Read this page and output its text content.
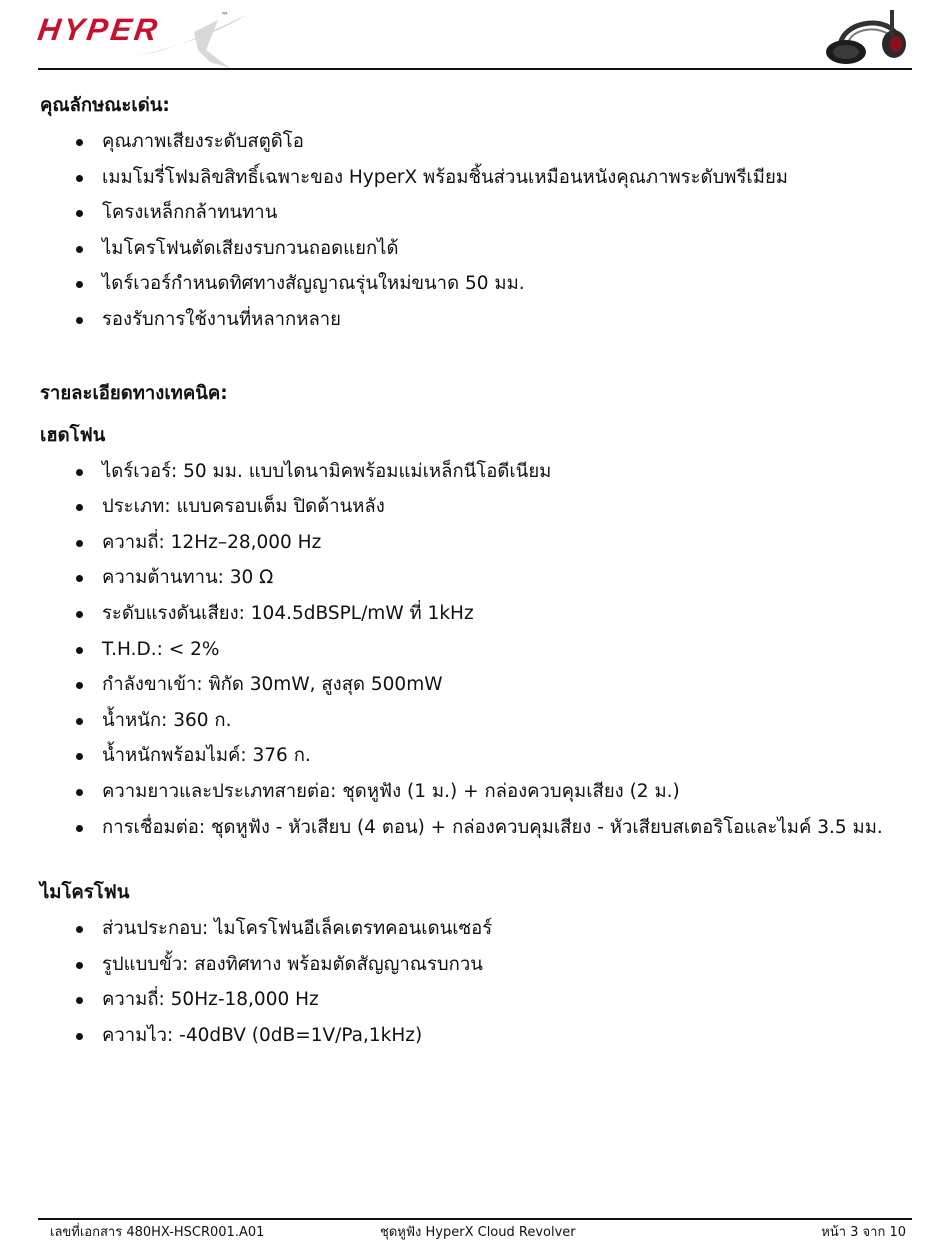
HYPER	™
คุณลักษณะเด่น:
คุณภาพเสียงระดับสตูดิโอ
เมมโมรี่โฟมลิขสิทธิ์เฉพาะของ HyperX พร้อมชิ้นส่วนเหมือนหนังคุณภาพระดับพรีเมียม
โครงเหล็กกล้าทนทาน
ไมโครโฟนตัดเสียงรบกวนถอดแยกได้
ไดร์เวอร์กำหนดทิศทางสัญญาณรุ่นใหม่ขนาด 50 มม.
รองรับการใช้งานที่หลากหลาย
รายละเอียดทางเทคนิค:
เฮดโฟน
ไดร์เวอร์: 50 มม. แบบไดนามิคพร้อมแม่เหล็กนีโอดีเนียม
ประเภท: แบบครอบเต็ม ปิดด้านหลัง
ความถี่: 12Hz–28,000 Hz
ความต้านทาน: 30 Ω
ระดับแรงดันเสียง: 104.5dBSPL/mW ที่ 1kHz
T.H.D.: < 2%
กำลังขาเข้า: พิกัด 30mW, สูงสุด 500mW
น้ำหนัก: 360 ก.
น้ำหนักพร้อมไมค์: 376 ก.
ความยาวและประเภทสายต่อ: ชุดหูฟัง (1 ม.) + กล่องควบคุมเสียง (2 ม.)
การเชื่อมต่อ: ชุดหูฟัง - หัวเสียบ (4 ตอน) + กล่องควบคุมเสียง - หัวเสียบสเตอริโอและไมค์ 3.5 มม.
ไมโครโฟน
ส่วนประกอบ: ไมโครโฟนอีเล็คเตรทคอนเดนเซอร์
รูปแบบขั้ว: สองทิศทาง พร้อมตัดสัญญาณรบกวน
ความถี่: 50Hz-18,000 Hz
ความไว: -40dBV (0dB=1V/Pa,1kHz)
เลขที่เอกสาร 480HX-HSCR001.A01	ชุดหูฟัง HyperX Cloud Revolver	หน้า 3 จาก 10
